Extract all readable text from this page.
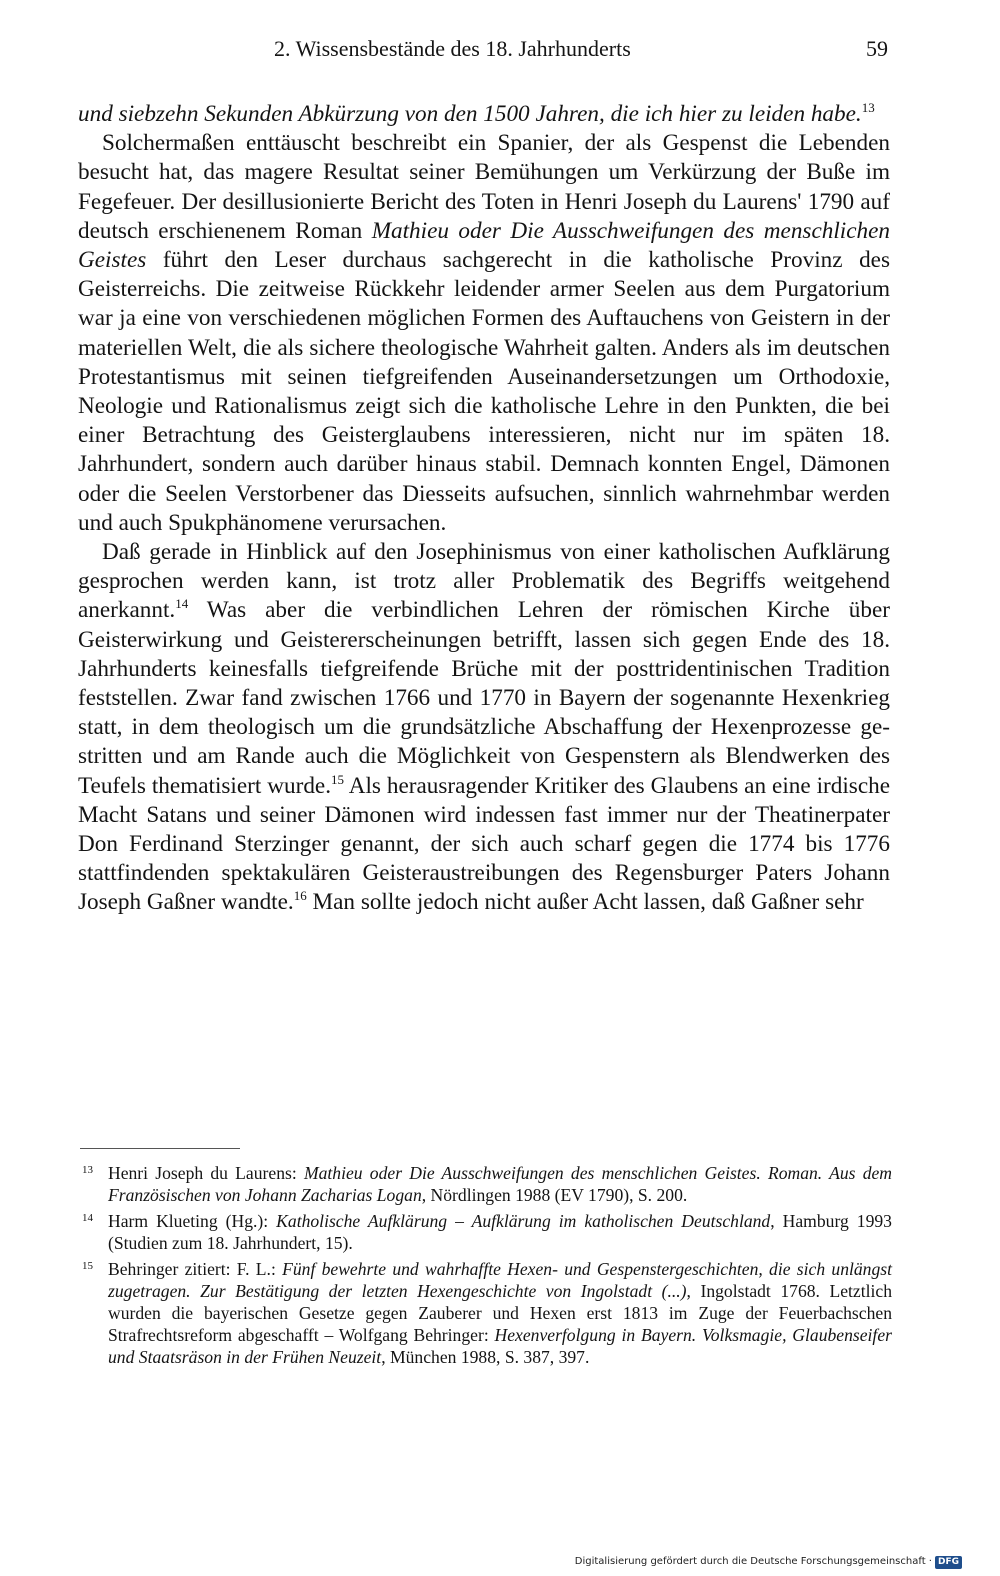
2. Wissensbestände des 18. Jahrhunderts	59

und siebzehn Sekunden Abkürzung von den 1500 Jahren, die ich hier zu leiden habe.$^{13}$

Solchermaßen enttäuscht beschreibt ein Spanier, der als Gespenst die Lebenden besucht hat, das magere Resultat seiner Bemühungen um Verkürzung der Buße im Fegefeuer. Der desillusionierte Bericht des Toten in Henri Joseph du Laurens' 1790 auf deutsch erschienenem Roman Mathieu oder Die Ausschweifungen des menschlichen Geistes führt den Leser durchaus sachgerecht in die katholische Provinz des Geisterreichs. Die zeitweise Rückkehr leidender armer Seelen aus dem Purgatorium war ja eine von verschiedenen möglichen Formen des Auftauchens von Geistern in der materiellen Welt, die als sichere theologische Wahrheit galten. Anders als im deutschen Protestantismus mit seinen tiefgreifenden Auseinandersetzungen um Orthodoxie, Neologie und Rationalismus zeigt sich die katholische Lehre in den Punkten, die bei einer Betrachtung des Geisterglaubens interessieren, nicht nur im späten 18. Jahrhundert, sondern auch darüber hinaus stabil. Demnach konnten Engel, Dämonen oder die Seelen Verstorbener das Diesseits aufsuchen, sinnlich wahrnehmbar werden und auch Spukphänomene verursachen.

Daß gerade in Hinblick auf den Josephinismus von einer katholischen Aufklärung gesprochen werden kann, ist trotz aller Problematik des Begriffs weitgehend anerkannt.$^{14}$ Was aber die verbindlichen Lehren der römischen Kirche über Geisterwirkung und Geistererscheinungen betrifft, lassen sich gegen Ende des 18. Jahrhunderts keinesfalls tiefgreifende Brüche mit der posttridentinischen Tradition feststellen. Zwar fand zwischen 1766 und 1770 in Bayern der sogenannte Hexenkrieg statt, in dem theologisch um die grundsätzliche Abschaffung der Hexenprozesse gestritten und am Rande auch die Möglichkeit von Gespenstern als Blendwerken des Teufels thematisiert wurde.$^{15}$ Als herausragender Kritiker des Glaubens an eine irdische Macht Satans und seiner Dämonen wird indessen fast immer nur der Theatinerpater Don Ferdinand Sterzinger genannt, der sich auch scharf gegen die 1774 bis 1776 stattfindenden spektakulären Geisteraustreibungen des Regensburger Paters Johann Joseph Gaßner wandte.$^{16}$ Man sollte jedoch nicht außer Acht lassen, daß Gaßner sehr

13 Henri Joseph du Laurens: Mathieu oder Die Ausschweifungen des menschlichen Geistes. Roman. Aus dem Französischen von Johann Zacharias Logan, Nördlingen 1988 (EV 1790), S. 200.

14 Harm Klueting (Hg.): Katholische Aufklärung – Aufklärung im katholischen Deutschland, Hamburg 1993 (Studien zum 18. Jahrhundert, 15).

15 Behringer zitiert: F. L.: Fünf bewehrte und wahrhaffte Hexen- und Gespenstergeschichten, die sich unlängst zugetragen. Zur Bestätigung der letzten Hexengeschichte von Ingolstadt (...), Ingolstadt 1768. Letztlich wurden die bayerischen Gesetze gegen Zauberer und Hexen erst 1813 im Zuge der Feuerbachschen Strafrechtsreform abgeschafft – Wolfgang Behringer: Hexenverfolgung in Bayern. Volksmagie, Glaubenseifer und Staatsräson in der Frühen Neuzeit, München 1988, S. 387, 397.

Digitalisierung gefördert durch die Deutsche Forschungsgemeinschaft · DFG
